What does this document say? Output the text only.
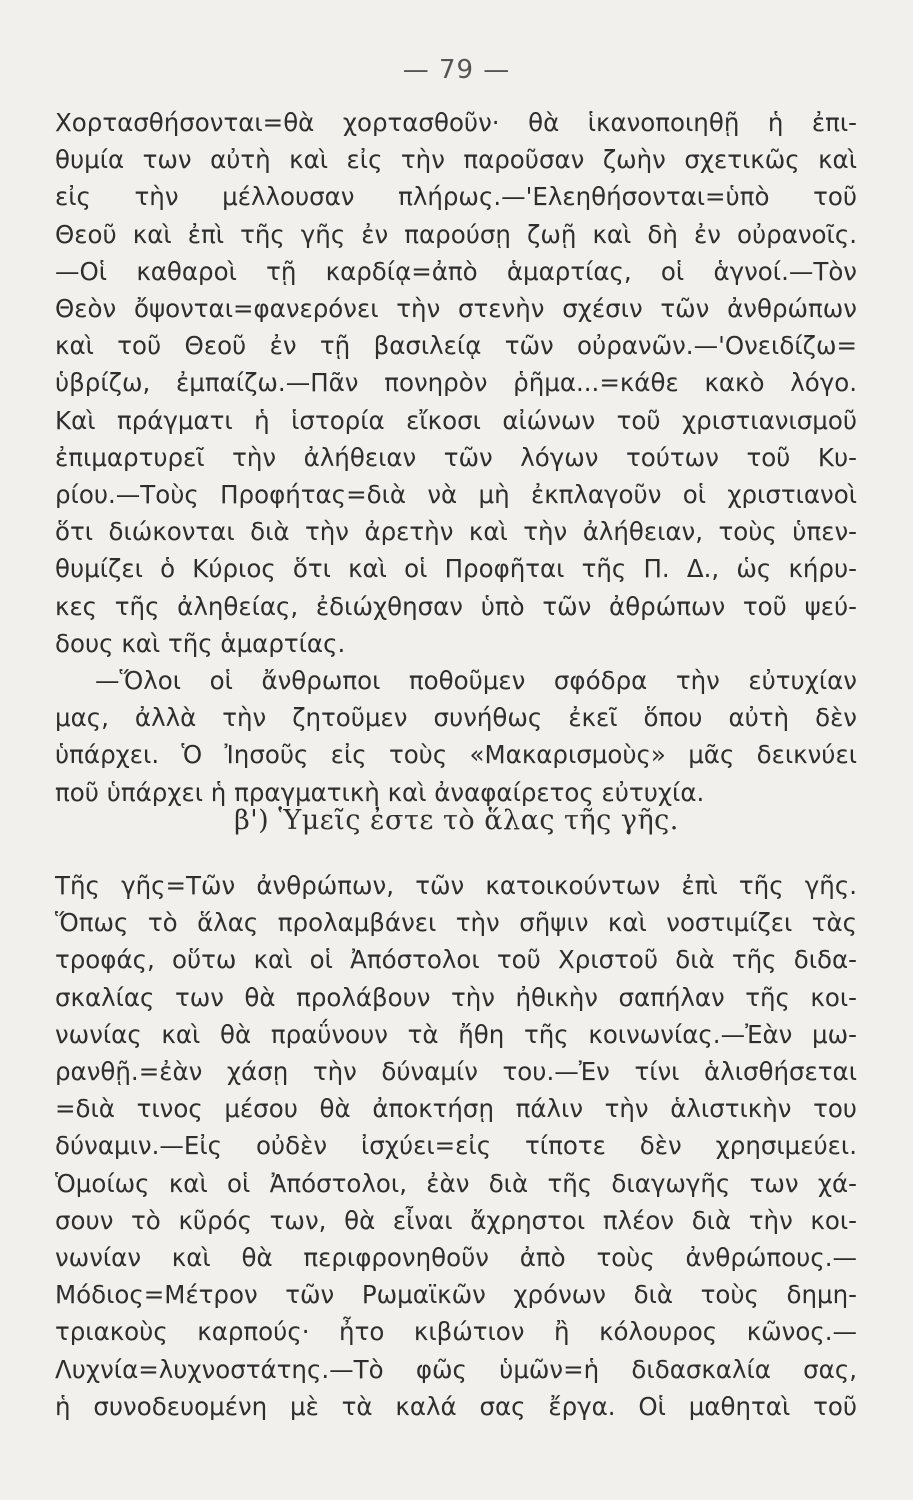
— 79 —
Χορτασθήσονται=θὰ χορτασθοῦν· θὰ ἱκανοποιηθῇ ἡ ἐπι-
θυμία των αὐτὴ καὶ εἰς τὴν παροῦσαν ζωὴν σχετικῶς καὶ
εἰς τὴν μέλλουσαν πλήρως.—'Ελεηθήσονται=ὑπὸ τοῦ
Θεοῦ καὶ ἐπὶ τῆς γῆς ἐν παρούσῃ ζωῇ καὶ δὴ ἐν οὐρανοῖς.
—Οἱ καθαροὶ τῇ καρδίᾳ=ἀπὸ ἁμαρτίας, οἱ ἁγνοί.—Τὸν
Θεὸν ὄψονται=φανερόνει τὴν στενὴν σχέσιν τῶν ἀνθρώπων
καὶ τοῦ Θεοῦ ἐν τῇ βασιλείᾳ τῶν οὐρανῶν.—'Ονειδίζω=
ὑβρίζω, ἐμπαίζω.—Πᾶν πονηρὸν ῥῆμα...=κάθε κακὸ λόγο.
Καὶ πράγματι ἡ ἱστορία εἴκοσι αἰώνων τοῦ χριστιανισμοῦ
ἐπιμαρτυρεῖ τὴν ἀλήθειαν τῶν λόγων τούτων τοῦ Κυ-
ρίου.—Τοὺς Προφήτας=διὰ νὰ μὴ ἐκπλαγοῦν οἱ χριστιανοὶ
ὅτι διώκονται διὰ τὴν ἀρετὴν καὶ τὴν ἀλήθειαν, τοὺς ὑπεν-
θυμίζει ὁ Κύριος ὅτι καὶ οἱ Προφῆται τῆς Π. Δ., ὡς κήρυ-
κες τῆς ἀληθείας, ἐδιώχθησαν ὑπὸ τῶν ἀθρώπων τοῦ ψεύ-
δους καὶ τῆς ἁμαρτίας.
—Ὅλοι οἱ ἄνθρωποι ποθοῦμεν σφόδρα τὴν εὐτυχίαν
μας, ἀλλὰ τὴν ζητοῦμεν συνήθως ἐκεῖ ὅπου αὐτὴ δὲν
ὑπάρχει. Ὁ Ἰησοῦς εἰς τοὺς «Μακαρισμοὺς» μᾶς δεικνύει
ποῦ ὑπάρχει ἡ πραγματικὴ καὶ ἀναφαίρετος εὐτυχία.
β') Ὑμεῖς ἐστε τὸ ἅλας τῆς γῆς.
Τῆς γῆς=Τῶν ἀνθρώπων, τῶν κατοικούντων ἐπὶ τῆς γῆς.
Ὅπως τὸ ἅλας προλαμβάνει τὴν σῆψιν καὶ νοστιμίζει τὰς
τροφάς, οὕτω καὶ οἱ Ἀπόστολοι τοῦ Χριστοῦ διὰ τῆς διδα-
σκαλίας των θὰ προλάβουν τὴν ἠθικὴν σαπήλαν τῆς κοι-
νωνίας καὶ θὰ πραΰνουν τὰ ἤθη τῆς κοινωνίας.—Ἐὰν μω-
ρανθῇ.=ἐὰν χάσῃ τὴν δύναμίν του.—Ἐν τίνι ἁλισθήσεται
=διὰ τινος μέσου θὰ ἀποκτήσῃ πάλιν τὴν ἁλιστικὴν του
δύναμιν.—Εἰς οὐδὲν ἰσχύει=εἰς τίποτε δὲν χρησιμεύει.
Ὁμοίως καὶ οἱ Ἀπόστολοι, ἐὰν διὰ τῆς διαγωγῆς των χά-
σουν τὸ κῦρός των, θὰ εἶναι ἄχρηστοι πλέον διὰ τὴν κοι-
νωνίαν καὶ θὰ περιφρονηθοῦν ἀπὸ τοὺς ἀνθρώπους.—
Μόδιος=Μέτρον τῶν Ρωμαϊκῶν χρόνων διὰ τοὺς δημη-
τριακοὺς καρπούς· ἦτο κιβώτιον ἢ κόλουρος κῶνος.—
Λυχνία=λυχνοστάτης.—Τὸ φῶς ὑμῶν=ἡ διδασκαλία σας,
ἡ συνοδευομένη μὲ τὰ καλά σας ἔργα. Οἱ μαθηταὶ τοῦ
